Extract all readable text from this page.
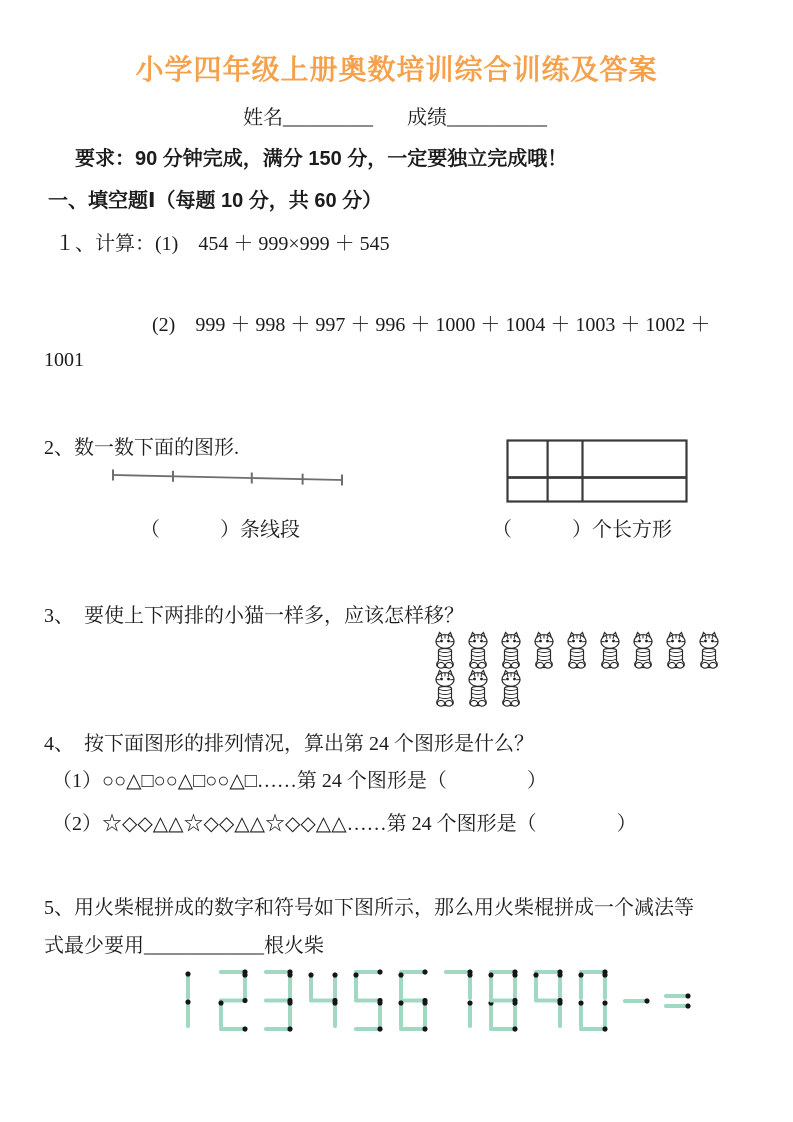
小学四年级上册奥数培训综合训练及答案
姓名_________ 成绩__________
要求：90 分钟完成，满分 150 分，一定要独立完成哦！
一、填空题Ⅰ（每题 10 分，共 60 分）
１、计算：(1)　454 ＋ 999×999 ＋ 545
(2)　999 ＋ 998 ＋ 997 ＋ 996 ＋ 1000 ＋ 1004 ＋ 1003 ＋ 1002 ＋
1001
2、数一数下面的图形.
（　　　）条线段	（　　　）个长方形
3、　要使上下两排的小猫一样多，应该怎样移？
4、　按下面图形的排列情况，算出第 24 个图形是什么？
（1）○○△□○○△□○○△□……第 24 个图形是（　　　　）
（2）☆◇◇△△☆◇◇△△☆◇◇△△……第 24 个图形是（　　　　）
5、用火柴棍拼成的数字和符号如下图所示，那么用火柴棍拼成一个减法等
式最少要用____________根火柴
